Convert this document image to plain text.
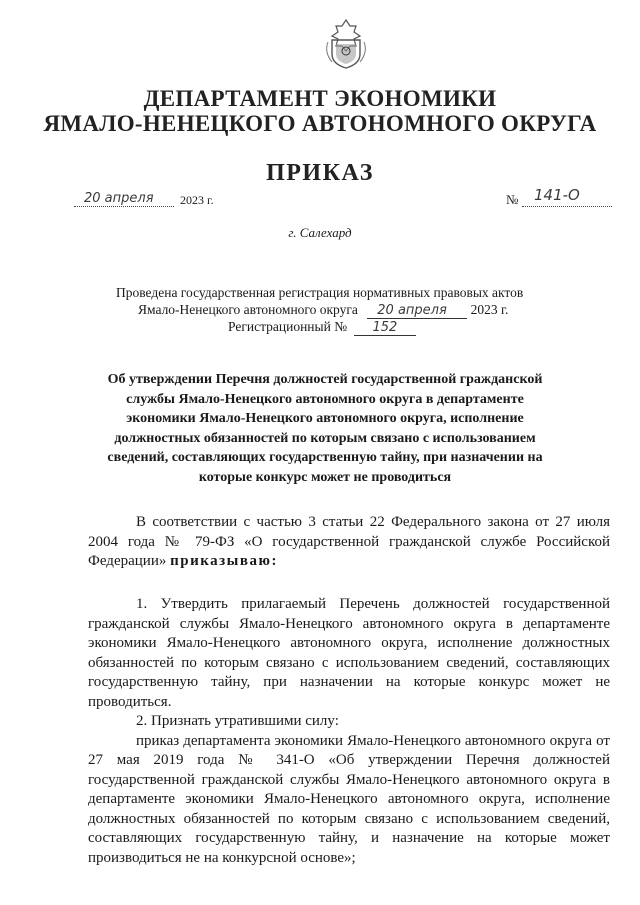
ДЕПАРТАМЕНТ ЭКОНОМИКИ
ЯМАЛО-НЕНЕЦКОГО АВТОНОМНОГО ОКРУГА
ПРИКАЗ
20 апреля 2023 г.	№ 141-О
г. Салехард
Проведена государственная регистрация нормативных правовых актов
Ямало-Ненецкого автономного округа 20 апреля 2023 г.
Регистрационный № 152
Об утверждении Перечня должностей государственной гражданской службы Ямало-Ненецкого автономного округа в департаменте экономики Ямало-Ненецкого автономного округа, исполнение должностных обязанностей по которым связано с использованием сведений, составляющих государственную тайну, при назначении на которые конкурс может не проводиться

В соответствии с частью 3 статьи 22 Федерального закона от 27 июля 2004 года № 79-ФЗ «О государственной гражданской службе Российской Федерации» приказываю:

1. Утвердить прилагаемый Перечень должностей государственной гражданской службы Ямало-Ненецкого автономного округа в департаменте экономики Ямало-Ненецкого автономного округа, исполнение должностных обязанностей по которым связано с использованием сведений, составляющих государственную тайну, при назначении на которые конкурс может не проводиться.

2. Признать утратившими силу:

приказ департамента экономики Ямало-Ненецкого автономного округа от 27 мая 2019 года № 341-О «Об утверждении Перечня должностей государственной гражданской службы Ямало-Ненецкого автономного округа в департаменте экономики Ямало-Ненецкого автономного округа, исполнение должностных обязанностей по которым связано с использованием сведений, составляющих государственную тайну, и назначение на которые может производиться не на конкурсной основе»;
